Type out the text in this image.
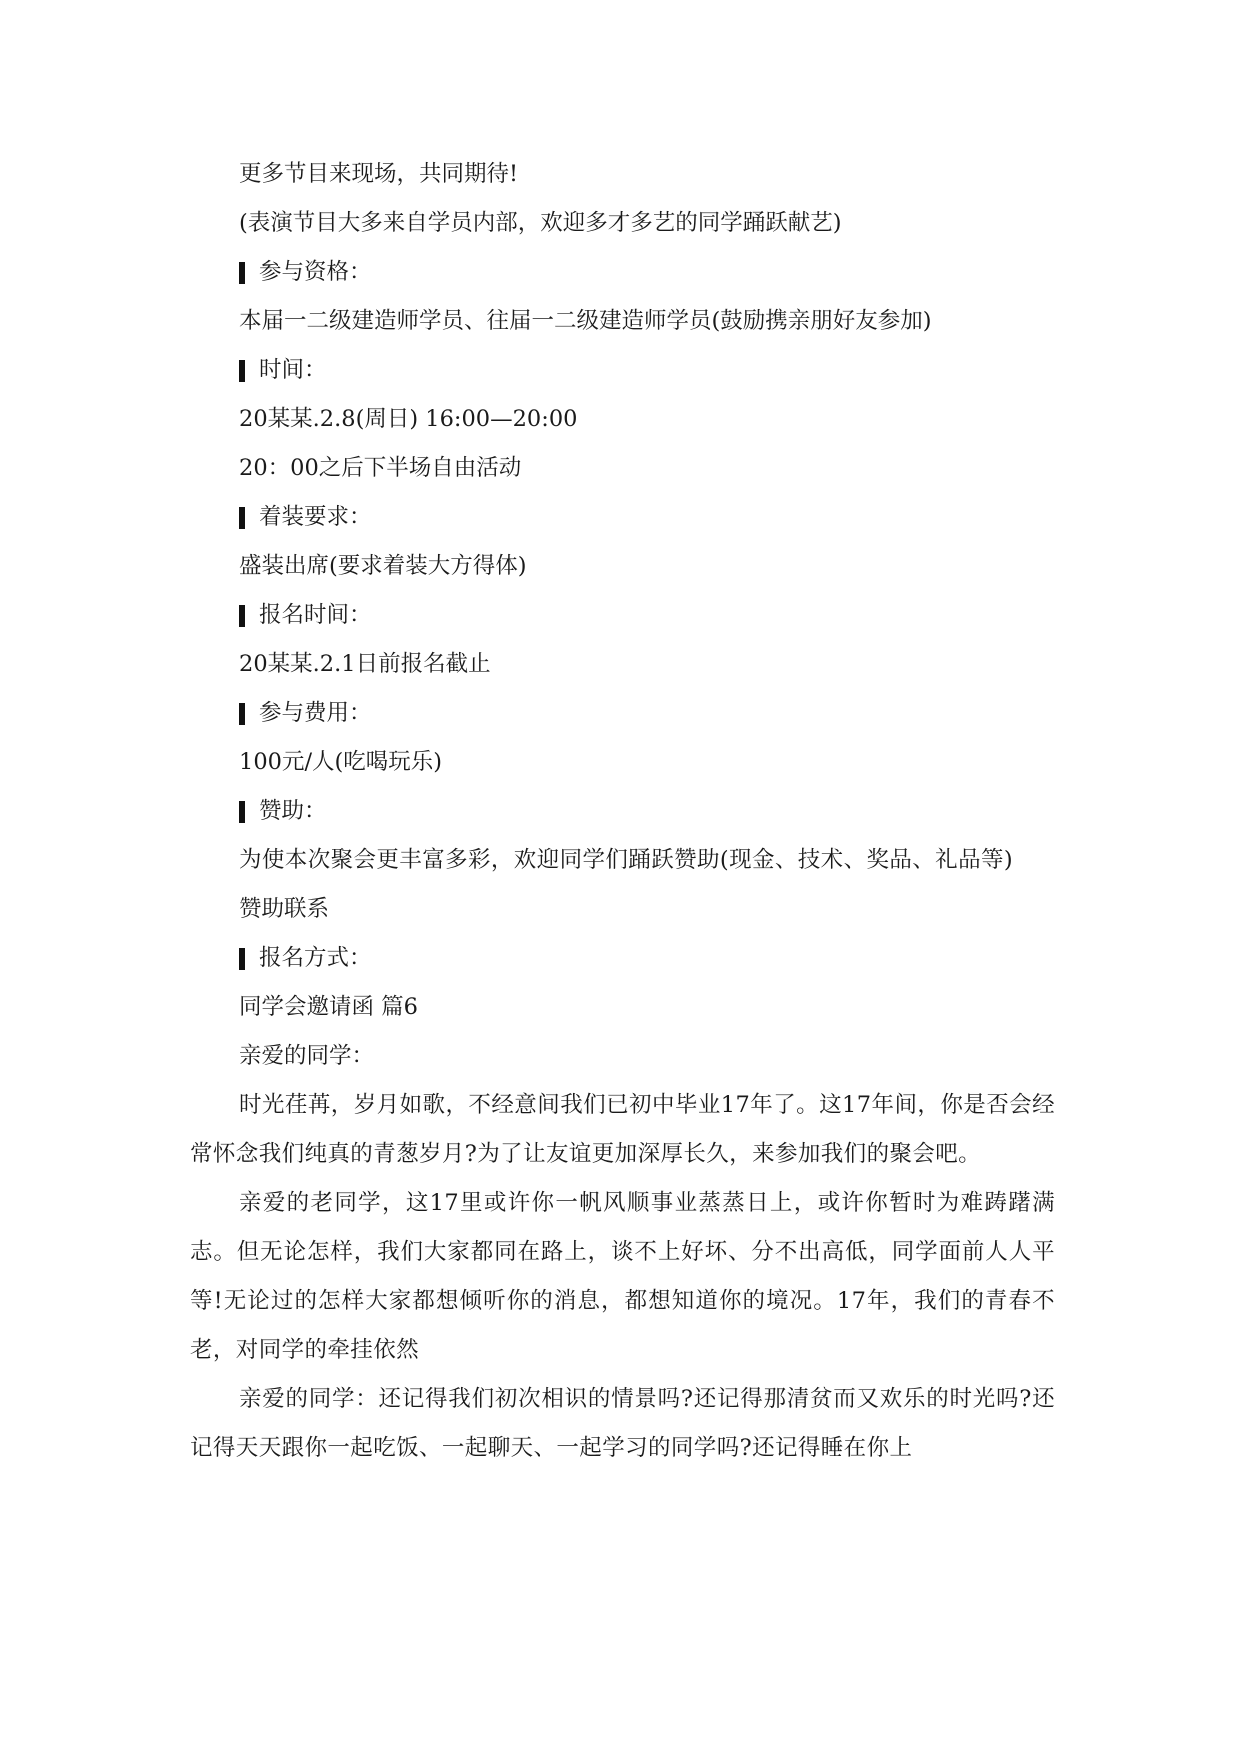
更多节目来现场，共同期待!

(表演节目大多来自学员内部，欢迎多才多艺的同学踊跃献艺)

参与资格：

本届一二级建造师学员、往届一二级建造师学员(鼓励携亲朋好友参加)

时间：

20某某.2.8(周日) 16:00—20:00

20：00之后下半场自由活动

着装要求：

盛装出席(要求着装大方得体)

报名时间：

20某某.2.1日前报名截止

参与费用：

100元/人(吃喝玩乐)

赞助：

为使本次聚会更丰富多彩，欢迎同学们踊跃赞助(现金、技术、奖品、礼品等)

赞助联系

报名方式：

同学会邀请函 篇6

亲爱的同学：

时光荏苒，岁月如歌，不经意间我们已初中毕业17年了。这17年间，你是否会经常怀念我们纯真的青葱岁月?为了让友谊更加深厚长久，来参加我们的聚会吧。

亲爱的老同学，这17里或许你一帆风顺事业蒸蒸日上，或许你暂时为难踌躇满志。但无论怎样，我们大家都同在路上，谈不上好坏、分不出高低，同学面前人人平等!无论过的怎样大家都想倾听你的消息，都想知道你的境况。17年，我们的青春不老，对同学的牵挂依然

亲爱的同学：还记得我们初次相识的情景吗?还记得那清贫而又欢乐的时光吗?还记得天天跟你一起吃饭、一起聊天、一起学习的同学吗?还记得睡在你上
